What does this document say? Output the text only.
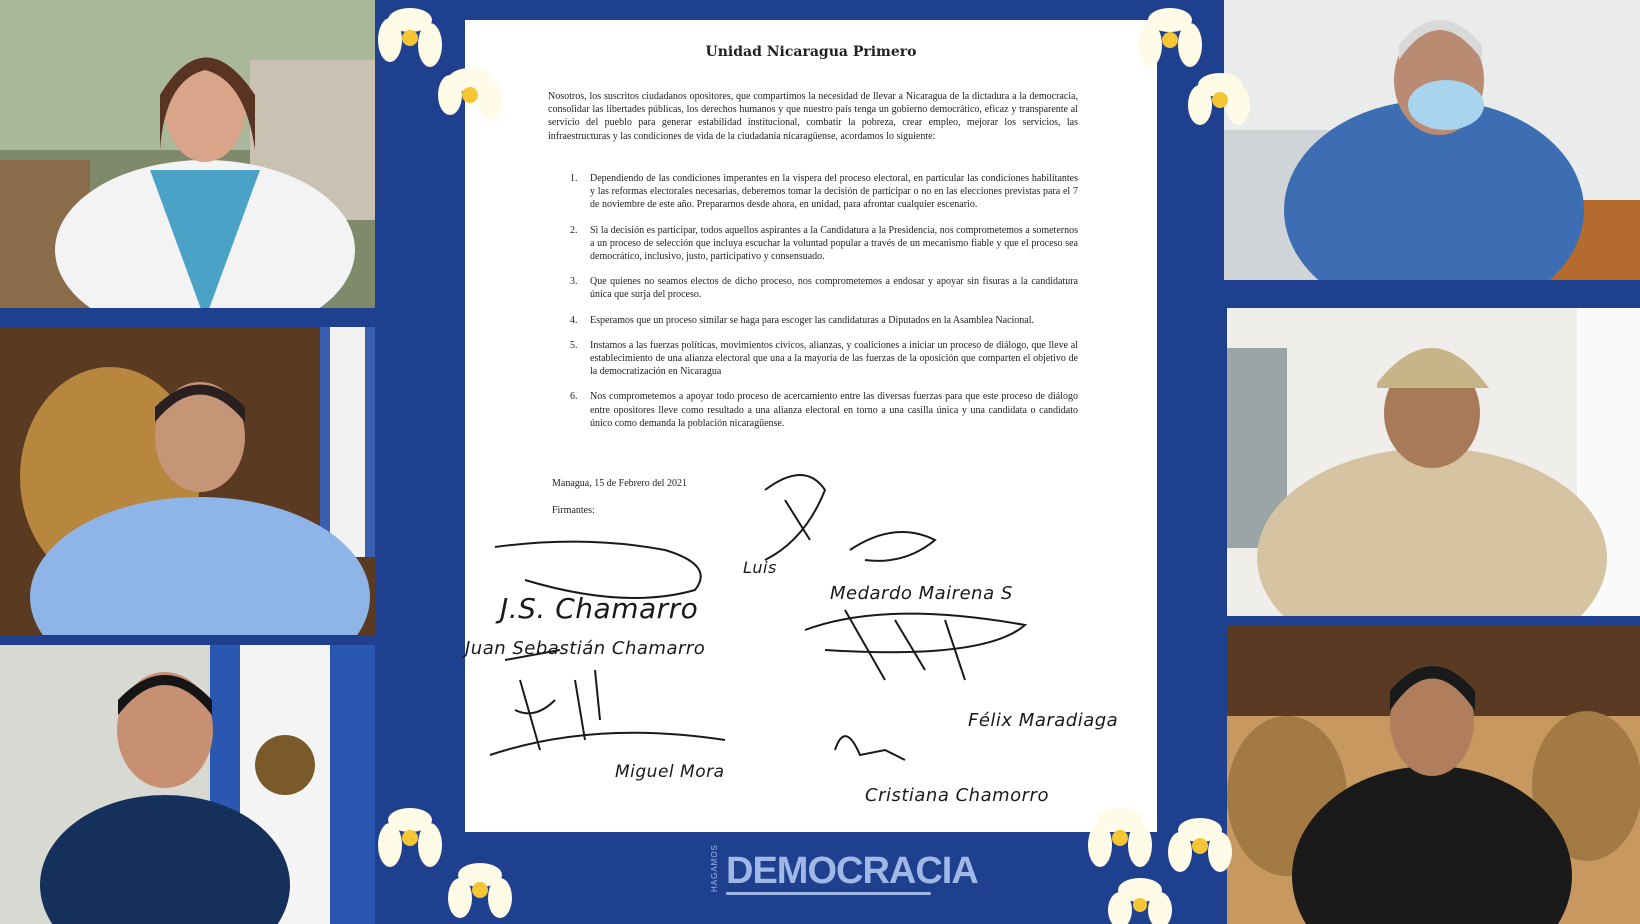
Unidad Nicaragua Primero
Nosotros, los suscritos ciudadanos opositores, que compartimos la necesidad de llevar a Nicaragua de la dictadura a la democracia, consolidar las libertades públicas, los derechos humanos y que nuestro país tenga un gobierno democrático, eficaz y transparente al servicio del pueblo para generar estabilidad institucional, combatir la pobreza, crear empleo, mejorar los servicios, las infraestructuras y las condiciones de vida de la ciudadanía nicaragüense, acordamos lo siguiente:
1. Dependiendo de las condiciones imperantes en la víspera del proceso electoral, en particular las condiciones habilitantes y las reformas electorales necesarias, deberemos tomar la decisión de participar o no en las elecciones previstas para el 7 de noviembre de este año. Prepararnos desde ahora, en unidad, para afrontar cualquier escenario.
2. Si la decisión es participar, todos aquellos aspirantes a la Candidatura a la Presidencia, nos comprometemos a someternos a un proceso de selección que incluya escuchar la voluntad popular a través de un mecanismo fiable y que el proceso sea democrático, inclusivo, justo, participativo y consensuado.
3. Que quienes no seamos electos de dicho proceso, nos comprometemos a endosar y apoyar sin fisuras a la candidatura única que surja del proceso.
4. Esperamos que un proceso similar se haga para escoger las candidaturas a Diputados en la Asamblea Nacional.
5. Instamos a las fuerzas políticas, movimientos cívicos, alianzas, y coaliciones a iniciar un proceso de diálogo, que lleve al establecimiento de una alianza electoral que una a la mayoría de las fuerzas de la oposición que comparten el objetivo de la democratización en Nicaragua
6. Nos comprometemos a apoyar todo proceso de acercamiento entre las diversas fuerzas para que este proceso de diálogo entre opositores lleve como resultado a una alianza electoral en torno a una casilla única y una candidata o candidato único como demanda la población nicaragüense.
Managua, 15 de Febrero del 2021
Firmantes:
J.S. Chamarro
Juan Sebastián Chamarro
Luis
Medardo Mairena S
Miguel Mora
Félix Maradiaga
Cristiana Chamorro
HAGAMOS DEMOCRACIA
